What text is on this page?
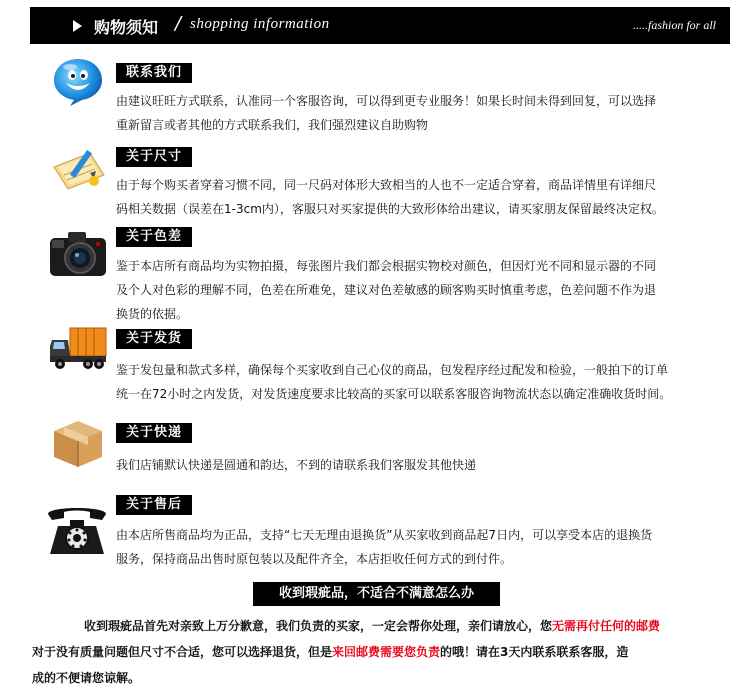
购物须知 / shopping information	.....fashion for all
联系我们
由建议旺旺方式联系，认准同一个客服咨询，可以得到更专业服务！如果长时间未得到回复，可以选择
重新留言或者其他的方式联系我们，我们强烈建议自助购物
关于尺寸
由于每个购买者穿着习惯不同，同一尺码对体形大致相当的人也不一定适合穿着，商品详情里有详细尺
码相关数据（误差在1-3cm内），客服只对买家提供的大致形体给出建议，请买家朋友保留最终决定权。
关于色差
鉴于本店所有商品均为实物拍摄，每张图片我们都会根据实物校对颜色，但因灯光不同和显示器的不同
及个人对色彩的理解不同，色差在所难免，建议对色差敏感的顾客购买时慎重考虑，色差问题不作为退
换货的依据。
关于发货
鉴于发包量和款式多样，确保每个买家收到自己心仪的商品，包发程序经过配发和检验，一般拍下的订单
统一在72小时之内发货，对发货速度要求比较高的买家可以联系客服咨询物流状态以确定准确收货时间。
关于快递
我们店铺默认快递是圆通和韵达，不到的请联系我们客服发其他快递
关于售后
由本店所售商品均为正品，支持“七天无理由退换货”从买家收到商品起7日内，可以享受本店的退换货
服务，保持商品出售时原包装以及配件齐全，本店拒收任何方式的到付件。
收到瑕疵品，不适合不满意怎么办
收到瑕疵品首先对亲致上万分歉意，我们负责的买家，一定会帮你处理，亲们请放心，您无需再付任何的邮费
对于没有质量问题但尺寸不合适，您可以选择退货，但是来回邮费需要您负责的哦！请在3天内联系联系客服，造
成的不便请您谅解。
